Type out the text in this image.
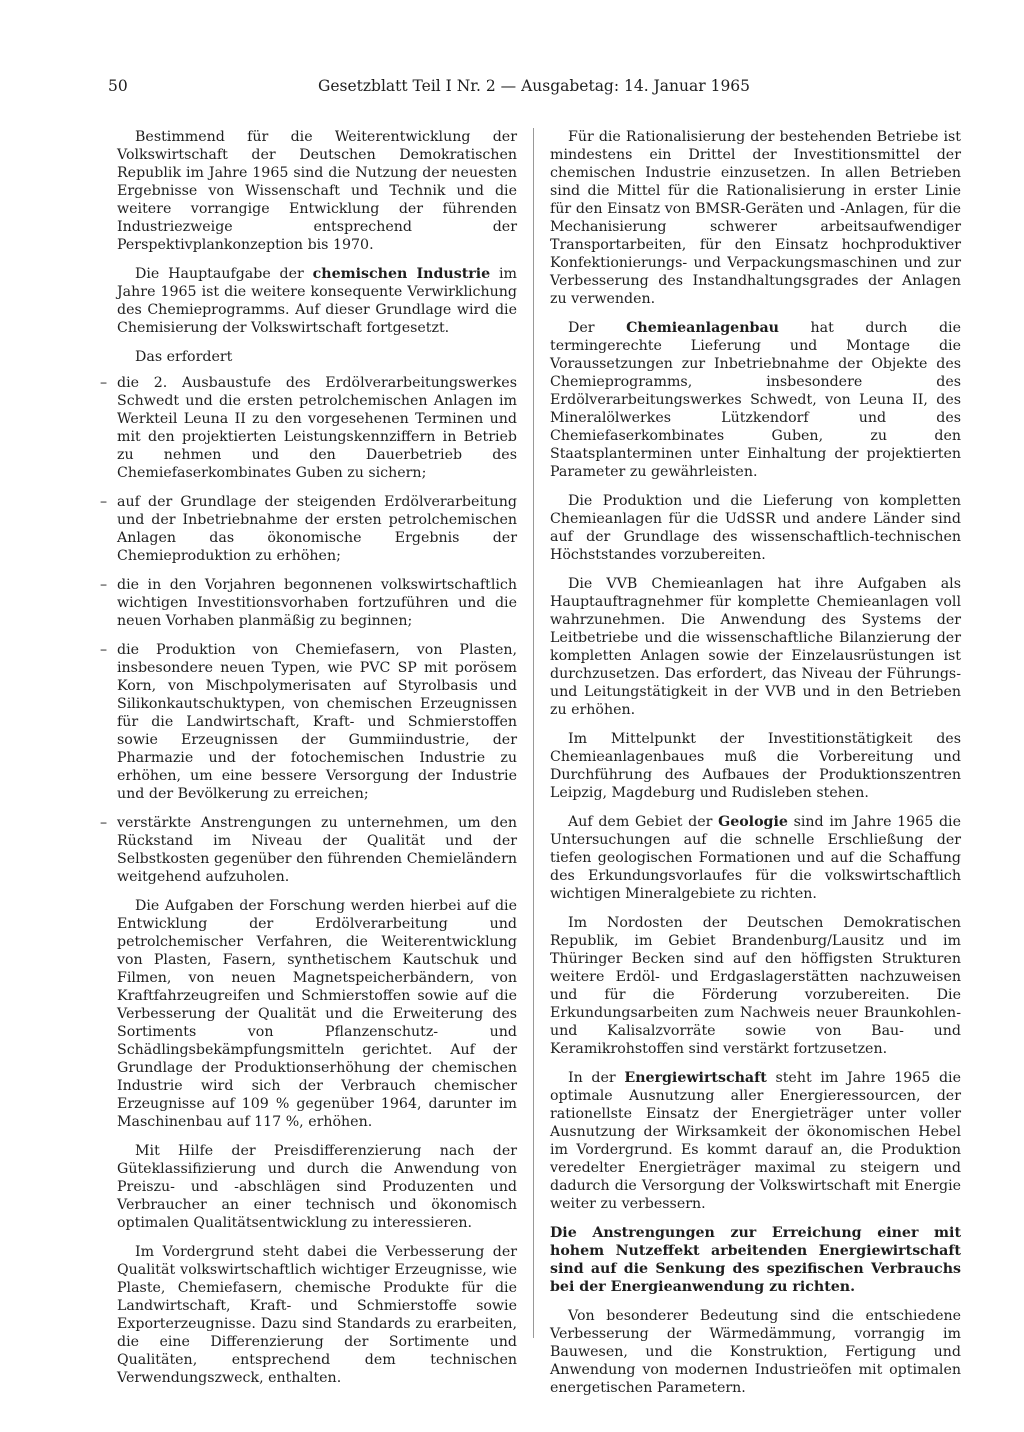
50	Gesetzblatt Teil I Nr. 2 — Ausgabetag: 14. Januar 1965

Bestimmend für die Weiterentwicklung der Volkswirtschaft der Deutschen Demokratischen Republik im Jahre 1965 sind die Nutzung der neuesten Ergebnisse von Wissenschaft und Technik und die weitere vorrangige Entwicklung der führenden Industriezweige entsprechend der Perspektivplankonzeption bis 1970.

Die Hauptaufgabe der chemischen Industrie im Jahre 1965 ist die weitere konsequente Verwirklichung des Chemieprogramms. Auf dieser Grundlage wird die Chemisierung der Volkswirtschaft fortgesetzt.

Das erfordert

– die 2. Ausbaustufe des Erdölverarbeitungswerkes Schwedt und die ersten petrolchemischen Anlagen im Werkteil Leuna II zu den vorgesehenen Terminen und mit den projektierten Leistungskennziffern in Betrieb zu nehmen und den Dauerbetrieb des Chemiefaserkombinates Guben zu sichern;
– auf der Grundlage der steigenden Erdölverarbeitung und der Inbetriebnahme der ersten petrolchemischen Anlagen das ökonomische Ergebnis der Chemieproduktion zu erhöhen;
– die in den Vorjahren begonnenen volkswirtschaftlich wichtigen Investitionsvorhaben fortzuführen und die neuen Vorhaben planmäßig zu beginnen;
– die Produktion von Chemiefasern, von Plasten, insbesondere neuen Typen, wie PVC SP mit porösem Korn, von Mischpolymerisaten auf Styrolbasis und Silikonkautschuktypen, von chemischen Erzeugnissen für die Landwirtschaft, Kraft- und Schmierstoffen sowie Erzeugnissen der Gummiindustrie, der Pharmazie und der fotochemischen Industrie zu erhöhen, um eine bessere Versorgung der Industrie und der Bevölkerung zu erreichen;
– verstärkte Anstrengungen zu unternehmen, um den Rückstand im Niveau der Qualität und der Selbstkosten gegenüber den führenden Chemieländern weitgehend aufzuholen.

Die Aufgaben der Forschung werden hierbei auf die Entwicklung der Erdölverarbeitung und petrolchemischer Verfahren, die Weiterentwicklung von Plasten, Fasern, synthetischem Kautschuk und Filmen, von neuen Magnetspeicherbändern, von Kraftfahrzeugreifen und Schmierstoffen sowie auf die Verbesserung der Qualität und die Erweiterung des Sortiments von Pflanzenschutz- und Schädlingsbekämpfungsmitteln gerichtet. Auf der Grundlage der Produktionserhöhung der chemischen Industrie wird sich der Verbrauch chemischer Erzeugnisse auf 109 % gegenüber 1964, darunter im Maschinenbau auf 117 %, erhöhen.

Mit Hilfe der Preisdifferenzierung nach der Güteklassifizierung und durch die Anwendung von Preiszu- und -abschlägen sind Produzenten und Verbraucher an einer technisch und ökonomisch optimalen Qualitätsentwicklung zu interessieren.

Im Vordergrund steht dabei die Verbesserung der Qualität volkswirtschaftlich wichtiger Erzeugnisse, wie Plaste, Chemiefasern, chemische Produkte für die Landwirtschaft, Kraft- und Schmierstoffe sowie Exporterzeugnisse. Dazu sind Standards zu erarbeiten, die eine Differenzierung der Sortimente und Qualitäten, entsprechend dem technischen Verwendungszweck, enthalten.

Für die Rationalisierung der bestehenden Betriebe ist mindestens ein Drittel der Investitionsmittel der chemischen Industrie einzusetzen. In allen Betrieben sind die Mittel für die Rationalisierung in erster Linie für den Einsatz von BMSR-Geräten und -Anlagen, für die Mechanisierung schwerer arbeitsaufwendiger Transportarbeiten, für den Einsatz hochproduktiver Konfektionierungs- und Verpackungsmaschinen und zur Verbesserung des Instandhaltungsgrades der Anlagen zu verwenden.

Der Chemieanlagenbau hat durch die termingerechte Lieferung und Montage die Voraussetzungen zur Inbetriebnahme der Objekte des Chemieprogramms, insbesondere des Erdölverarbeitungswerkes Schwedt, von Leuna II, des Mineralölwerkes Lützkendorf und des Chemiefaserkombinates Guben, zu den Staatsplanterminen unter Einhaltung der projektierten Parameter zu gewährleisten.

Die Produktion und die Lieferung von kompletten Chemieanlagen für die UdSSR und andere Länder sind auf der Grundlage des wissenschaftlich-technischen Höchststandes vorzubereiten.

Die VVB Chemieanlagen hat ihre Aufgaben als Hauptauftragnehmer für komplette Chemieanlagen voll wahrzunehmen. Die Anwendung des Systems der Leitbetriebe und die wissenschaftliche Bilanzierung der kompletten Anlagen sowie der Einzelausrüstungen ist durchzusetzen. Das erfordert, das Niveau der Führungs- und Leitungstätigkeit in der VVB und in den Betrieben zu erhöhen.

Im Mittelpunkt der Investitionstätigkeit des Chemieanlagenbaues muß die Vorbereitung und Durchführung des Aufbaues der Produktionszentren Leipzig, Magdeburg und Rudisleben stehen.

Auf dem Gebiet der Geologie sind im Jahre 1965 die Untersuchungen auf die schnelle Erschließung der tiefen geologischen Formationen und auf die Schaffung des Erkundungsvorlaufes für die volkswirtschaftlich wichtigen Mineralgebiete zu richten.

Im Nordosten der Deutschen Demokratischen Republik, im Gebiet Brandenburg/Lausitz und im Thüringer Becken sind auf den höffigsten Strukturen weitere Erdöl- und Erdgaslagerstätten nachzuweisen und für die Förderung vorzubereiten. Die Erkundungsarbeiten zum Nachweis neuer Braunkohlen- und Kalisalzvorräte sowie von Bau- und Keramikrohstoffen sind verstärkt fortzusetzen.

In der Energiewirtschaft steht im Jahre 1965 die optimale Ausnutzung aller Energieressourcen, der rationellste Einsatz der Energieträger unter voller Ausnutzung der Wirksamkeit der ökonomischen Hebel im Vordergrund. Es kommt darauf an, die Produktion veredelter Energieträger maximal zu steigern und dadurch die Versorgung der Volkswirtschaft mit Energie weiter zu verbessern.

Die Anstrengungen zur Erreichung einer mit hohem Nutzeffekt arbeitenden Energiewirtschaft sind auf die Senkung des spezifischen Verbrauchs bei der Energieanwendung zu richten.

Von besonderer Bedeutung sind die entschiedene Verbesserung der Wärmedämmung, vorrangig im Bauwesen, und die Konstruktion, Fertigung und Anwendung von modernen Industrieöfen mit optimalen energetischen Parametern.
